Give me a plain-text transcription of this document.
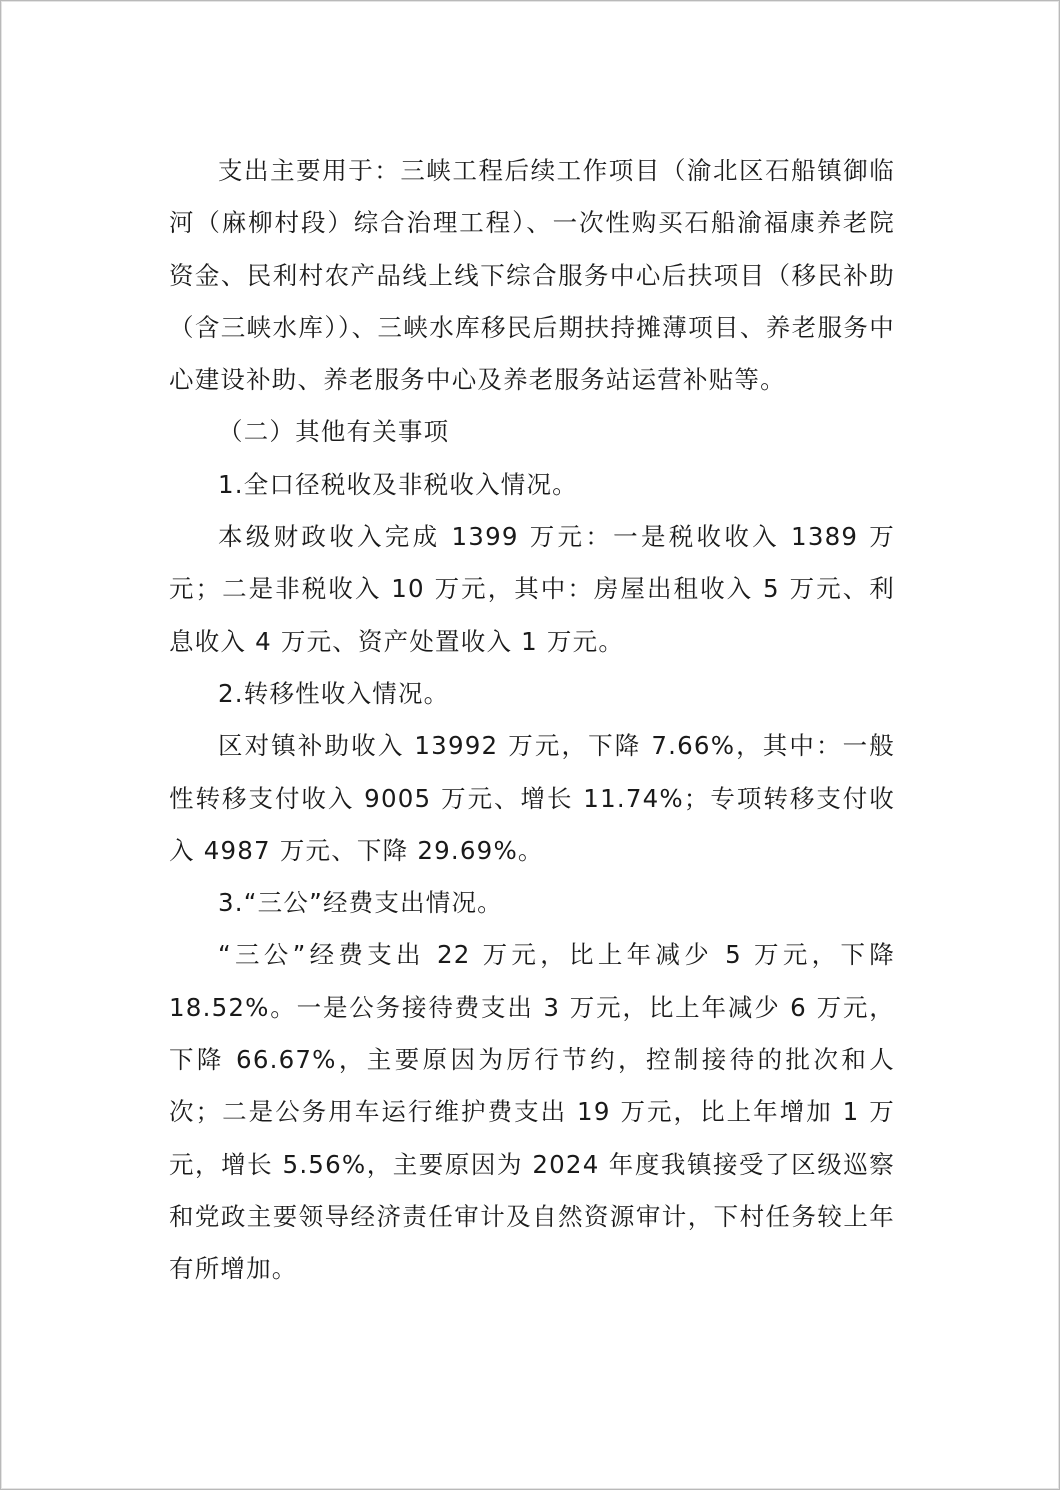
支出主要用于：三峡工程后续工作项目（渝北区石船镇御临河（麻柳村段）综合治理工程）、一次性购买石船渝福康养老院资金、民利村农产品线上线下综合服务中心后扶项目（移民补助（含三峡水库））、三峡水库移民后期扶持摊薄项目、养老服务中心建设补助、养老服务中心及养老服务站运营补贴等。

（二）其他有关事项

1.全口径税收及非税收入情况。

本级财政收入完成 1399 万元：一是税收收入 1389 万元；二是非税收入 10 万元，其中：房屋出租收入 5 万元、利息收入 4 万元、资产处置收入 1 万元。

2.转移性收入情况。

区对镇补助收入 13992 万元，下降 7.66%，其中：一般性转移支付收入 9005 万元、增长 11.74%；专项转移支付收入 4987 万元、下降 29.69%。

3.“三公”经费支出情况。

“三公”经费支出 22 万元，比上年减少 5 万元，下降 18.52%。一是公务接待费支出 3 万元，比上年减少 6 万元，下降 66.67%，主要原因为厉行节约，控制接待的批次和人次；二是公务用车运行维护费支出 19 万元，比上年增加 1 万元，增长 5.56%，主要原因为 2024 年度我镇接受了区级巡察和党政主要领导经济责任审计及自然资源审计，下村任务较上年有所增加。
